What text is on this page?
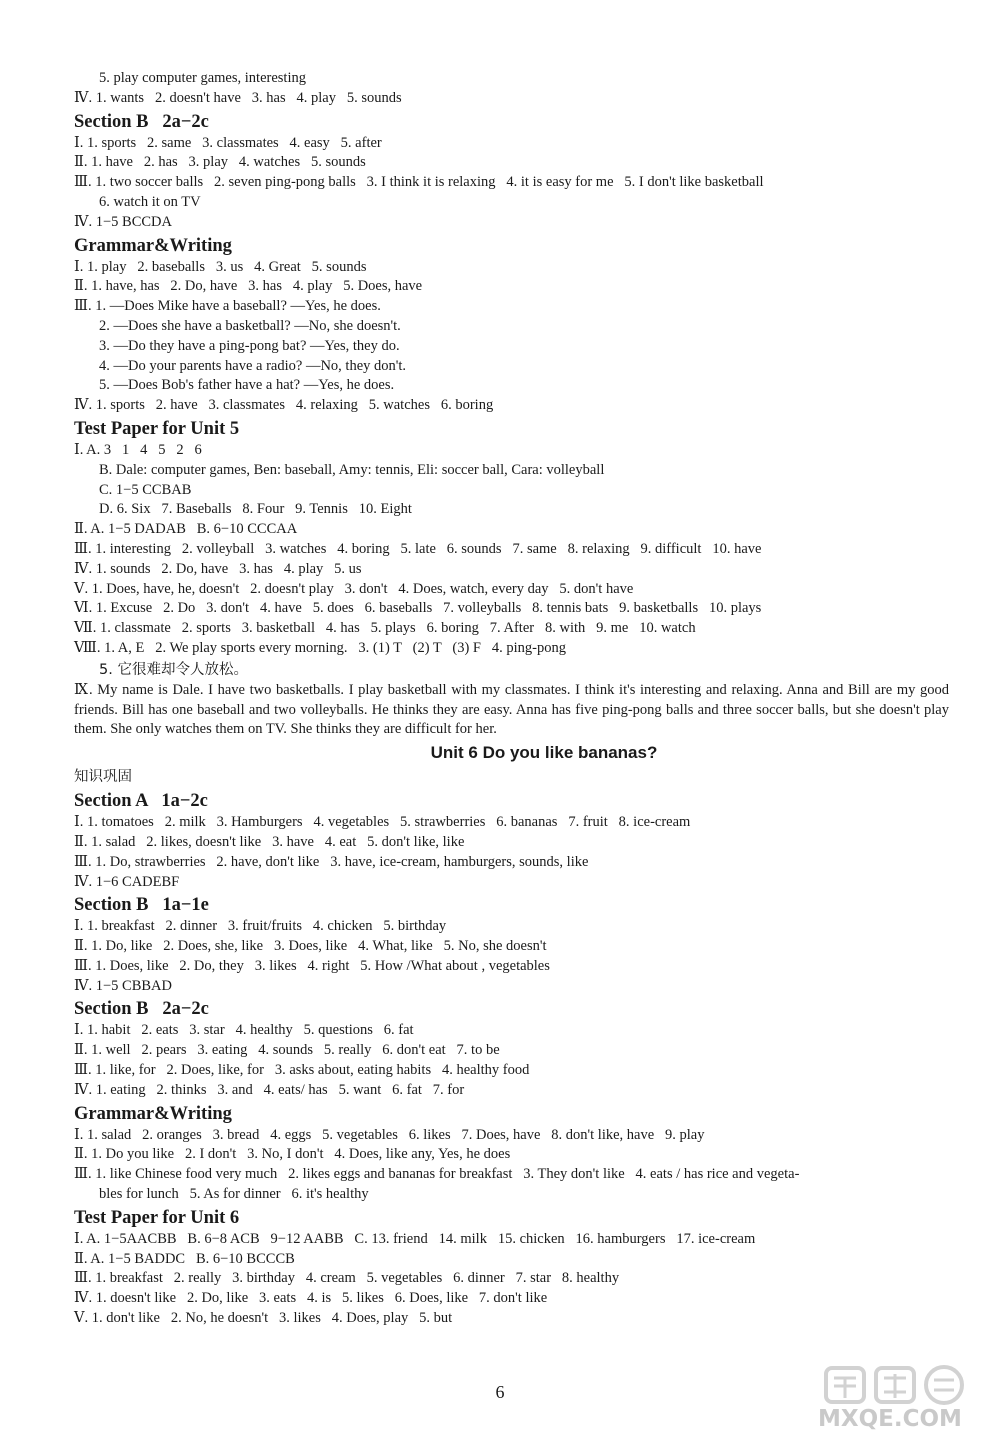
5. play computer games, interesting
Ⅳ. 1. wants   2. doesn't have   3. has   4. play   5. sounds
Section B   2a−2c
Ⅰ. 1. sports   2. same   3. classmates   4. easy   5. after
Ⅱ. 1. have   2. has   3. play   4. watches   5. sounds
Ⅲ. 1. two soccer balls   2. seven ping-pong balls   3. I think it is relaxing   4. it is easy for me   5. I don't like basketball
6. watch it on TV
Ⅳ. 1−5 BCCDA
Grammar&Writing
Ⅰ. 1. play   2. baseballs   3. us   4. Great   5. sounds
Ⅱ. 1. have, has   2. Do, have   3. has   4. play   5. Does, have
Ⅲ. 1. —Does Mike have a baseball? —Yes, he does.
2. —Does she have a basketball? —No, she doesn't.
3. —Do they have a ping-pong bat? —Yes, they do.
4. —Do your parents have a radio? —No, they don't.
5. —Does Bob's father have a hat? —Yes, he does.
Ⅳ. 1. sports   2. have   3. classmates   4. relaxing   5. watches   6. boring
Test Paper for Unit 5
Ⅰ. A. 3   1   4   5   2   6
B. Dale: computer games, Ben: baseball, Amy: tennis, Eli: soccer ball, Cara: volleyball
C. 1−5 CCBAB
D. 6. Six   7. Baseballs   8. Four   9. Tennis   10. Eight
Ⅱ. A. 1−5 DADAB   B. 6−10 CCCAA
Ⅲ. 1. interesting   2. volleyball   3. watches   4. boring   5. late   6. sounds   7. same   8. relaxing   9. difficult   10. have
Ⅳ. 1. sounds   2. Do, have   3. has   4. play   5. us
Ⅴ. 1. Does, have, he, doesn't   2. doesn't play   3. don't   4. Does, watch, every day   5. don't have
Ⅵ. 1. Excuse   2. Do   3. don't   4. have   5. does   6. baseballs   7. volleyballs   8. tennis bats   9. basketballs   10. plays
Ⅶ. 1. classmate   2. sports   3. basketball   4. has   5. plays   6. boring   7. After   8. with   9. me   10. watch
Ⅷ. 1. A, E   2. We play sports every morning.   3. (1) T   (2) T   (3) F   4. ping-pong
5. 它很难却令人放松。
Ⅸ. My name is Dale. I have two basketballs. I play basketball with my classmates. I think it's interesting and relaxing. Anna and Bill are my good friends. Bill has one baseball and two volleyballs. He thinks they are easy. Anna has five ping-pong balls and three soccer balls, but she doesn't play them. She only watches them on TV. She thinks they are difficult for her.
Unit 6 Do you like bananas?
知识巩固
Section A   1a−2c
Ⅰ. 1. tomatoes   2. milk   3. Hamburgers   4. vegetables   5. strawberries   6. bananas   7. fruit   8. ice-cream
Ⅱ. 1. salad   2. likes, doesn't like   3. have   4. eat   5. don't like, like
Ⅲ. 1. Do, strawberries   2. have, don't like   3. have, ice-cream, hamburgers, sounds, like
Ⅳ. 1−6 CADEBF
Section B   1a−1e
Ⅰ. 1. breakfast   2. dinner   3. fruit/fruits   4. chicken   5. birthday
Ⅱ. 1. Do, like   2. Does, she, like   3. Does, like   4. What, like   5. No, she doesn't
Ⅲ. 1. Does, like   2. Do, they   3. likes   4. right   5. How /What about , vegetables
Ⅳ. 1−5 CBBAD
Section B   2a−2c
Ⅰ. 1. habit   2. eats   3. star   4. healthy   5. questions   6. fat
Ⅱ. 1. well   2. pears   3. eating   4. sounds   5. really   6. don't eat   7. to be
Ⅲ. 1. like, for   2. Does, like, for   3. asks about, eating habits   4. healthy food
Ⅳ. 1. eating   2. thinks   3. and   4. eats/ has   5. want   6. fat   7. for
Grammar&Writing
Ⅰ. 1. salad   2. oranges   3. bread   4. eggs   5. vegetables   6. likes   7. Does, have   8. don't like, have   9. play
Ⅱ. 1. Do you like   2. I don't   3. No, I don't   4. Does, like any, Yes, he does
Ⅲ. 1. like Chinese food very much   2. likes eggs and bananas for breakfast   3. They don't like   4. eats / has rice and vegeta-
bles for lunch   5. As for dinner   6. it's healthy
Test Paper for Unit 6
Ⅰ. A. 1−5AACBB   B. 6−8 ACB   9−12 AABB   C. 13. friend   14. milk   15. chicken   16. hamburgers   17. ice-cream
Ⅱ. A. 1−5 BADDC   B. 6−10 BCCCB
Ⅲ. 1. breakfast   2. really   3. birthday   4. cream   5. vegetables   6. dinner   7. star   8. healthy
Ⅳ. 1. doesn't like   2. Do, like   3. eats   4. is   5. likes   6. Does, like   7. don't like
Ⅴ. 1. don't like   2. No, he doesn't   3. likes   4. Does, play   5. but
6
MXQE.COM
